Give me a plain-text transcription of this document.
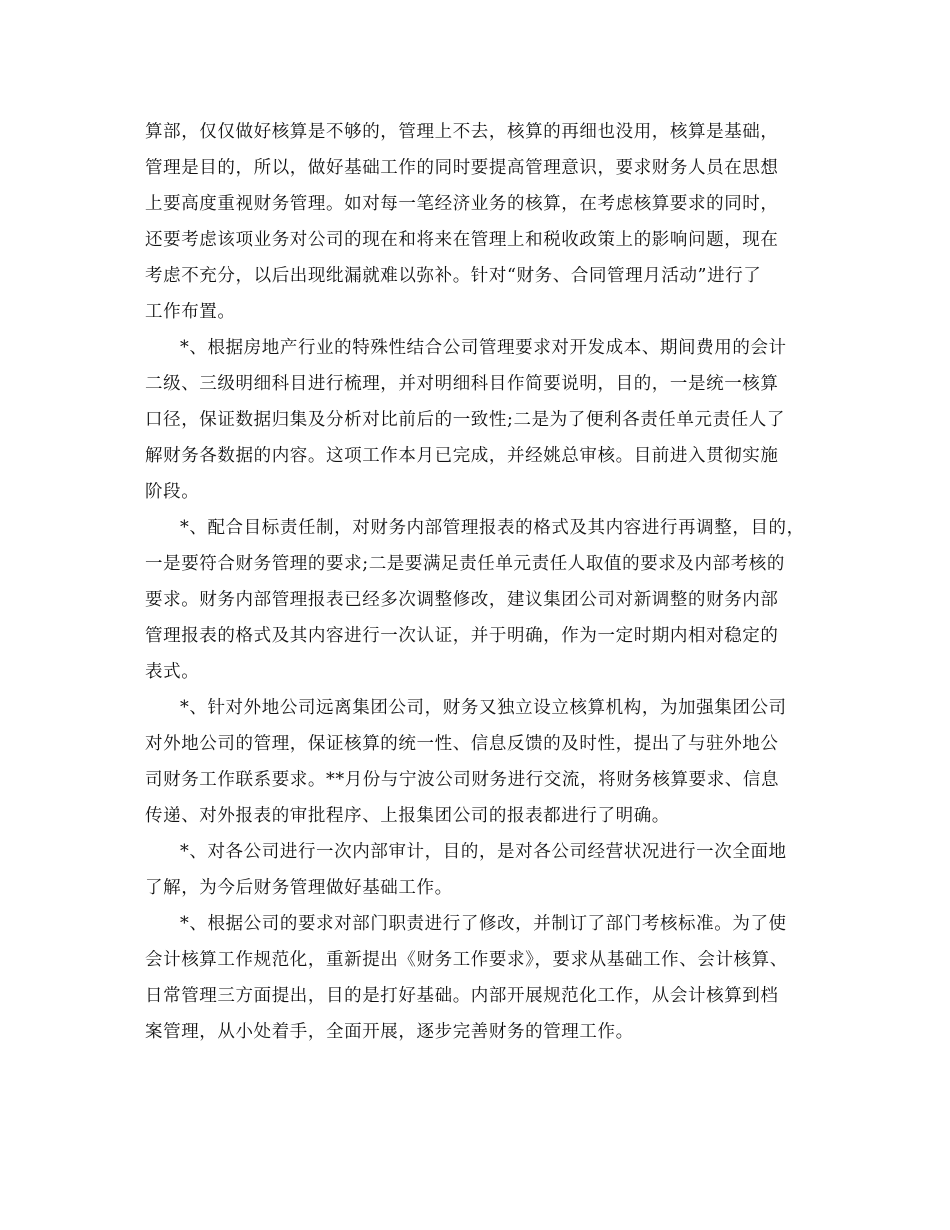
算部，仅仅做好核算是不够的，管理上不去，核算的再细也没用，核算是基础，
管理是目的，所以，做好基础工作的同时要提高管理意识，要求财务人员在思想
上要高度重视财务管理。如对每一笔经济业务的核算，在考虑核算要求的同时，
还要考虑该项业务对公司的现在和将来在管理上和税收政策上的影响问题，现在
考虑不充分，以后出现纰漏就难以弥补。针对“财务、合同管理月活动”进行了
工作布置。
*、根据房地产行业的特殊性结合公司管理要求对开发成本、期间费用的会计
二级、三级明细科目进行梳理，并对明细科目作简要说明，目的，一是统一核算
口径，保证数据归集及分析对比前后的一致性;二是为了便利各责任单元责任人了
解财务各数据的内容。这项工作本月已完成，并经姚总审核。目前进入贯彻实施
阶段。
*、配合目标责任制，对财务内部管理报表的格式及其内容进行再调整，目的，
一是要符合财务管理的要求;二是要满足责任单元责任人取值的要求及内部考核的
要求。财务内部管理报表已经多次调整修改，建议集团公司对新调整的财务内部
管理报表的格式及其内容进行一次认证，并于明确，作为一定时期内相对稳定的
表式。
*、针对外地公司远离集团公司，财务又独立设立核算机构，为加强集团公司
对外地公司的管理，保证核算的统一性、信息反馈的及时性，提出了与驻外地公
司财务工作联系要求。**月份与宁波公司财务进行交流，将财务核算要求、信息
传递、对外报表的审批程序、上报集团公司的报表都进行了明确。
*、对各公司进行一次内部审计，目的，是对各公司经营状况进行一次全面地
了解，为今后财务管理做好基础工作。
*、根据公司的要求对部门职责进行了修改，并制订了部门考核标准。为了使
会计核算工作规范化，重新提出《财务工作要求》，要求从基础工作、会计核算、
日常管理三方面提出，目的是打好基础。内部开展规范化工作，从会计核算到档
案管理，从小处着手，全面开展，逐步完善财务的管理工作。
